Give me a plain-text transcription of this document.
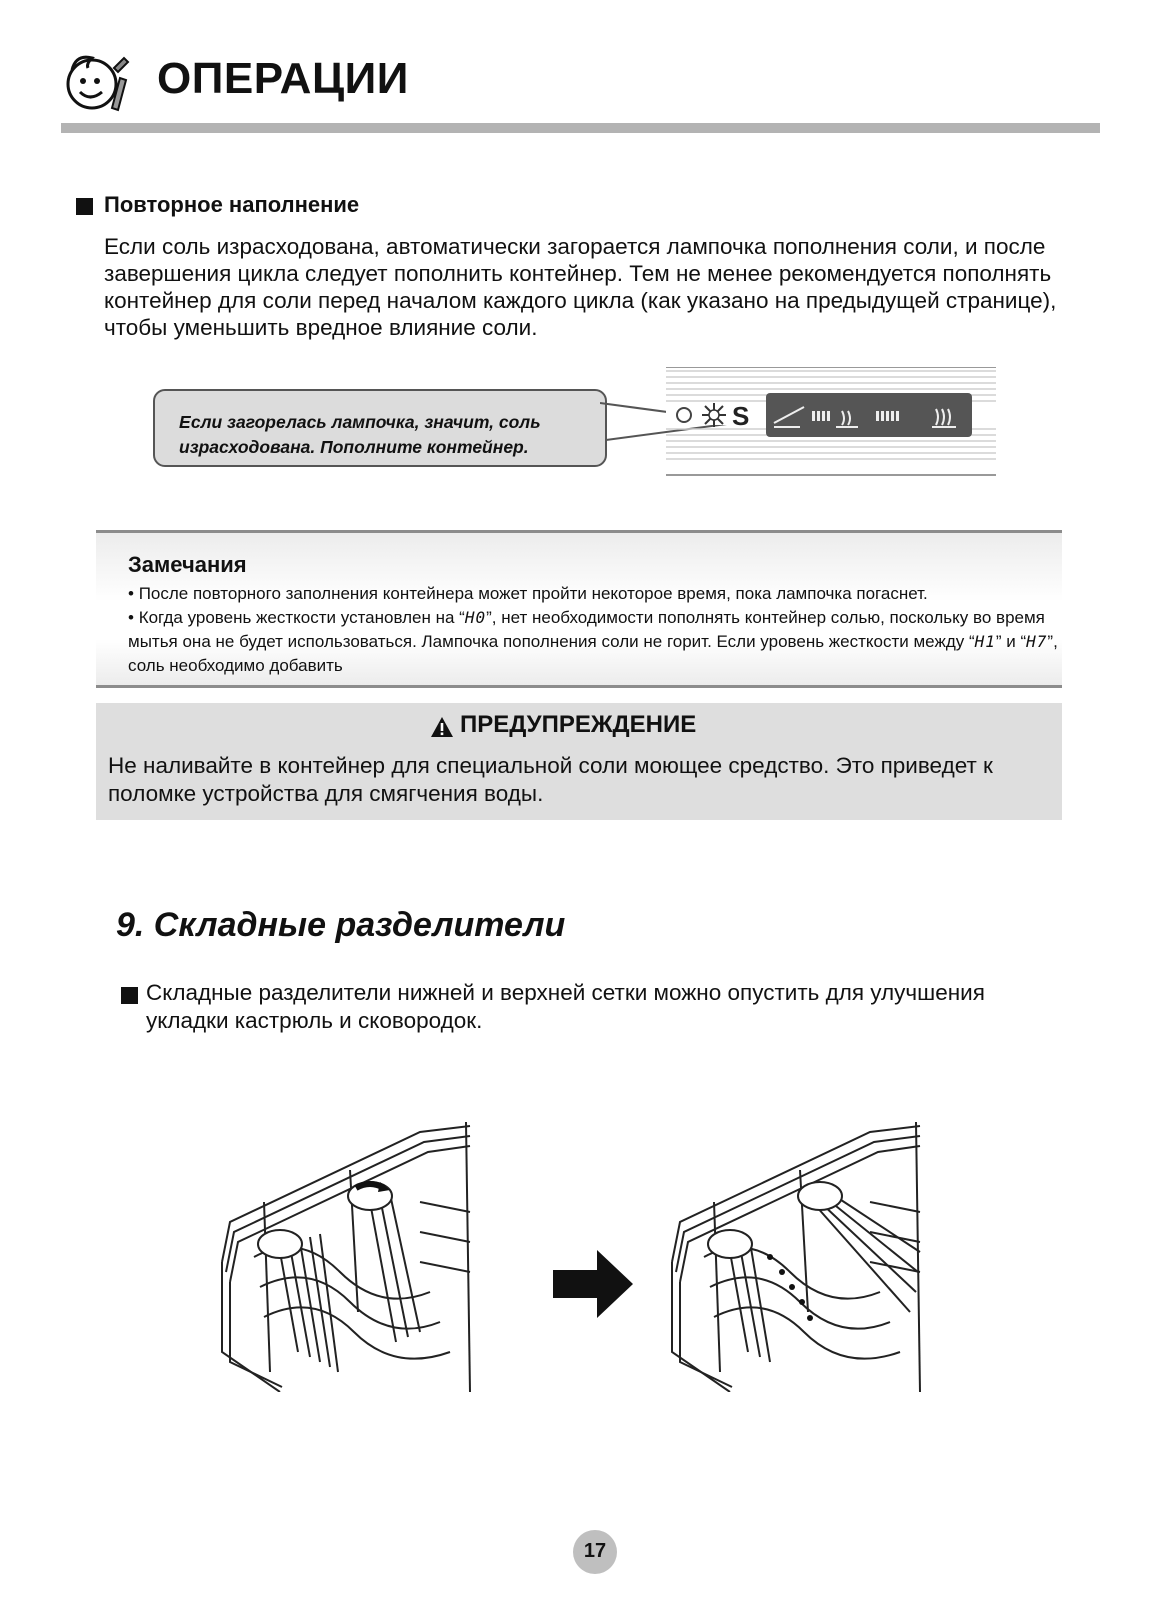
ОПЕРАЦИИ
Повторное наполнение
Если соль израсходована, автоматически загорается лампочка пополнения соли, и после завершения цикла следует пополнить контейнер. Тем не менее рекомендуется пополнять контейнер для соли перед началом каждого цикла (как указано на предыдущей странице), чтобы уменьшить вредное влияние соли.
Если загорелась лампочка, значит, соль израсходована. Пополните контейнер.
S
Замечания
• После повторного заполнения контейнера может пройти некоторое время, пока лампочка погаснет.
• Когда уровень жесткости установлен на “H0”, нет необходимости пополнять контейнер солью, поскольку во время мытья она не будет использоваться. Лампочка пополнения соли не горит. Если уровень жесткости между “H1” и “H7”, соль необходимо добавить
ПРЕДУПРЕЖДЕНИЕ
Не наливайте в контейнер для специальной соли моющее средство. Это приведет к поломке устройства для смягчения воды.
9. Складные разделители
Складные разделители нижней и верхней сетки можно опустить для улучшения укладки кастрюль и сковородок.
17
